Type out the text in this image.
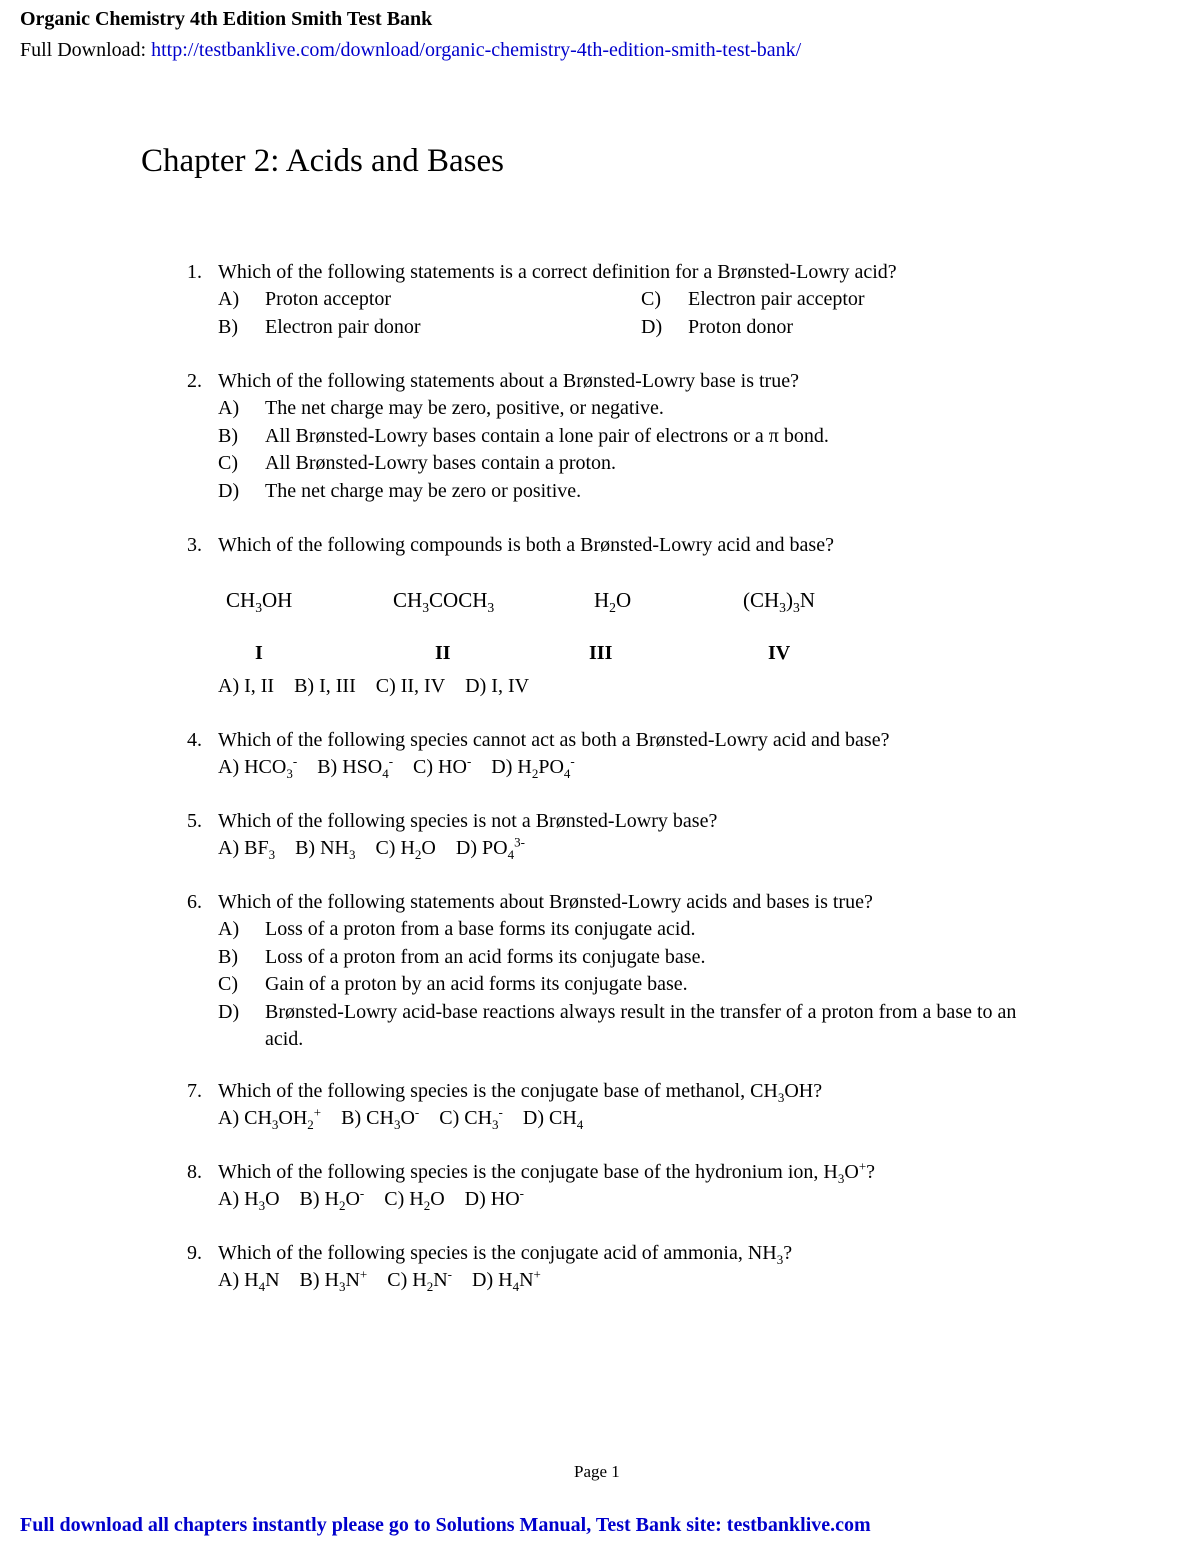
Organic Chemistry 4th Edition Smith Test Bank
Full Download: http://testbanklive.com/download/organic-chemistry-4th-edition-smith-test-bank/
Chapter 2: Acids and Bases
1. Which of the following statements is a correct definition for a Brønsted-Lowry acid?
A) Proton acceptor
B) Electron pair donor
C) Electron pair acceptor
D) Proton donor
2. Which of the following statements about a Brønsted-Lowry base is true?
A) The net charge may be zero, positive, or negative.
B) All Brønsted-Lowry bases contain a lone pair of electrons or a π bond.
C) All Brønsted-Lowry bases contain a proton.
D) The net charge may be zero or positive.
3. Which of the following compounds is both a Brønsted-Lowry acid and base?
$CH_3OH$	$CH_3COCH_3$	$H_2O$	$(CH_3)_3N$
I	II	III	IV
A) I, II B) I, III C) II, IV D) I, IV
4. Which of the following species cannot act as both a Brønsted-Lowry acid and base?
A) $HCO_3^-$ B) $HSO_4^-$ C) HO- D) $H_2PO_4^-$
5. Which of the following species is not a Brønsted-Lowry base?
A) $BF_3$ B) $NH_3$ C) $H_2O$ D) $PO_4^{3-}$
6. Which of the following statements about Brønsted-Lowry acids and bases is true?
A) Loss of a proton from a base forms its conjugate acid.
B) Loss of a proton from an acid forms its conjugate base.
C) Gain of a proton by an acid forms its conjugate base.
D) Brønsted-Lowry acid-base reactions always result in the transfer of a proton from a base to an acid.
7. Which of the following species is the conjugate base of methanol, $CH_3OH$?
A) $CH_3OH_2^+$ B) $CH_3O^-$ C) $CH_3^-$ D) $CH_4$
8. Which of the following species is the conjugate base of the hydronium ion, $H_3O^+$?
A) $H_3O$ B) $H_2O^-$ C) $H_2O$ D) HO-
9. Which of the following species is the conjugate acid of ammonia, $NH_3$?
A) $H_4N$ B) $H_3N^+$ C) $H_2N^-$ D) $H_4N^+$
Page 1
Full download all chapters instantly please go to Solutions Manual, Test Bank site: testbanklive.com
